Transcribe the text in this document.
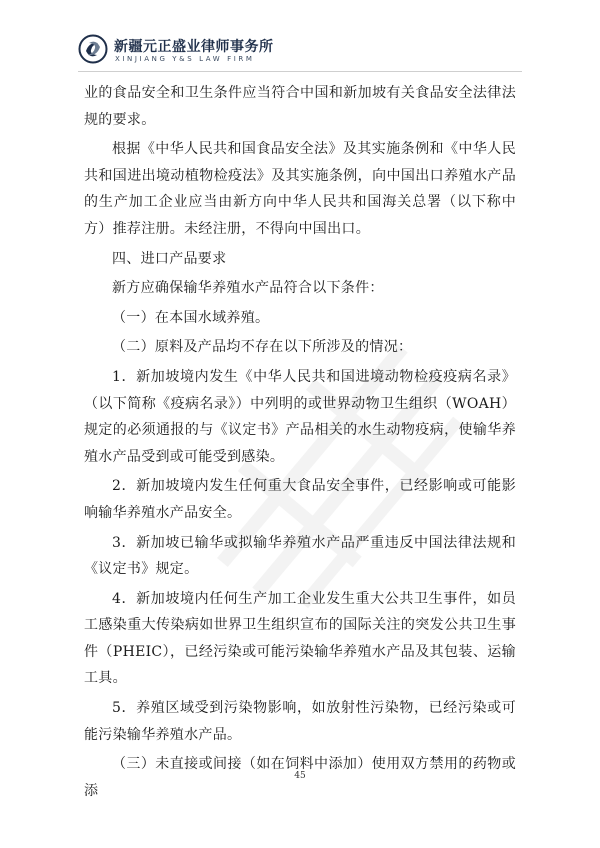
新疆元正盛业律师事务所
XINJIANG Y&S LAW FIRM

业的食品安全和卫生条件应当符合中国和新加坡有关食品安全法律法规的要求。

根据《中华人民共和国食品安全法》及其实施条例和《中华人民共和国进出境动植物检疫法》及其实施条例，向中国出口养殖水产品的生产加工企业应当由新方向中华人民共和国海关总署（以下称中方）推荐注册。未经注册，不得向中国出口。

四、进口产品要求

新方应确保输华养殖水产品符合以下条件：

（一）在本国水域养殖。

（二）原料及产品均不存在以下所涉及的情况：

1．新加坡境内发生《中华人民共和国进境动物检疫疫病名录》（以下简称《疫病名录》）中列明的或世界动物卫生组织（WOAH）规定的必须通报的与《议定书》产品相关的水生动物疫病，使输华养殖水产品受到或可能受到感染。

2．新加坡境内发生任何重大食品安全事件，已经影响或可能影响输华养殖水产品安全。

3．新加坡已输华或拟输华养殖水产品严重违反中国法律法规和《议定书》规定。

4．新加坡境内任何生产加工企业发生重大公共卫生事件，如员工感染重大传染病如世界卫生组织宣布的国际关注的突发公共卫生事件（PHEIC），已经污染或可能污染输华养殖水产品及其包装、运输工具。

5．养殖区域受到污染物影响，如放射性污染物，已经污染或可能污染输华养殖水产品。

（三）未直接或间接（如在饲料中添加）使用双方禁用的药物或添

45
